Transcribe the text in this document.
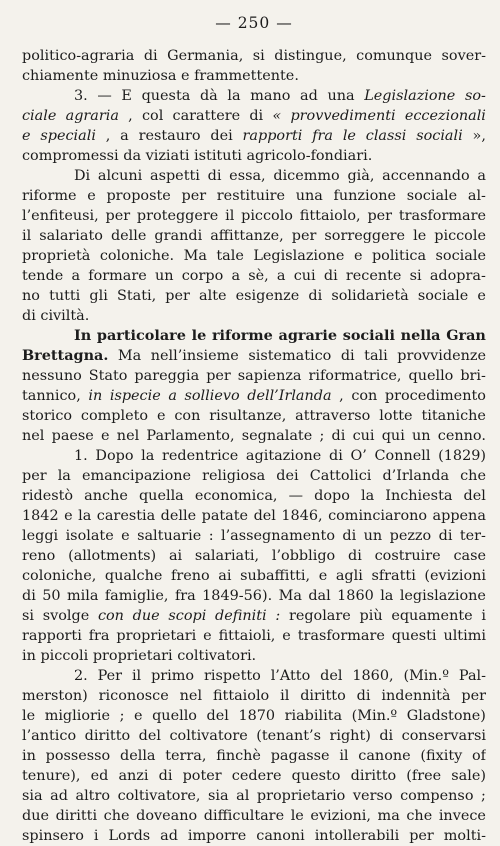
— 250 —
politico-agraria di Germania, si distingue, comunque sover-
chiamente minuziosa e frammettente.
3. — E questa dà la mano ad una Legislazione so-
ciale agraria , col carattere di « provvedimenti eccezionali
e speciali , a restauro dei rapporti fra le classi sociali »,
compromessi da viziati istituti agricolo-fondiari.
Di alcuni aspetti di essa, dicemmo già, accennando a
riforme e proposte per restituire una funzione sociale al-
l’enfiteusi, per proteggere il piccolo fittaiolo, per trasformare
il salariato delle grandi affittanze, per sorreggere le piccole
proprietà coloniche. Ma tale Legislazione e politica sociale
tende a formare un corpo a sè, a cui di recente si adopra-
no tutti gli Stati, per alte esigenze di solidarietà sociale e
di civiltà.
In particolare le riforme agrarie sociali nella Gran
Brettagna. Ma nell’insieme sistematico di tali provvidenze
nessuno Stato pareggia per sapienza riformatrice, quello bri-
tannico, in ispecie a sollievo dell’Irlanda , con procedimento
storico completo e con risultanze, attraverso lotte titaniche
nel paese e nel Parlamento, segnalate ; di cui qui un cenno.
1. Dopo la redentrice agitazione di O’ Connell (1829)
per la emancipazione religiosa dei Cattolici d’Irlanda che
ridestò anche quella economica, — dopo la Inchiesta del
1842 e la carestia delle patate del 1846, cominciarono appena
leggi isolate e saltuarie : l’assegnamento di un pezzo di ter-
reno (allotments) ai salariati, l’obbligo di costruire case
coloniche, qualche freno ai subaffitti, e agli sfratti (evizioni
di 50 mila famiglie, fra 1849-56). Ma dal 1860 la legislazione
si svolge con due scopi definiti : regolare più equamente i
rapporti fra proprietari e fittaioli, e trasformare questi ultimi
in piccoli proprietari coltivatori.
2. Per il primo rispetto l’Atto del 1860, (Min.º Pal-
merston) riconosce nel fittaiolo il diritto di indennità per
le migliorie ; e quello del 1870 riabilita (Min.º Gladstone)
l’antico diritto del coltivatore (tenant’s right) di conservarsi
in possesso della terra, finchè pagasse il canone (fixity of
tenure), ed anzi di poter cedere questo diritto (free sale)
sia ad altro coltivatore, sia al proprietario verso compenso ;
due diritti che doveano difficultare le evizioni, ma che invece
spinsero i Lords ad imporre canoni intollerabili per molti-
